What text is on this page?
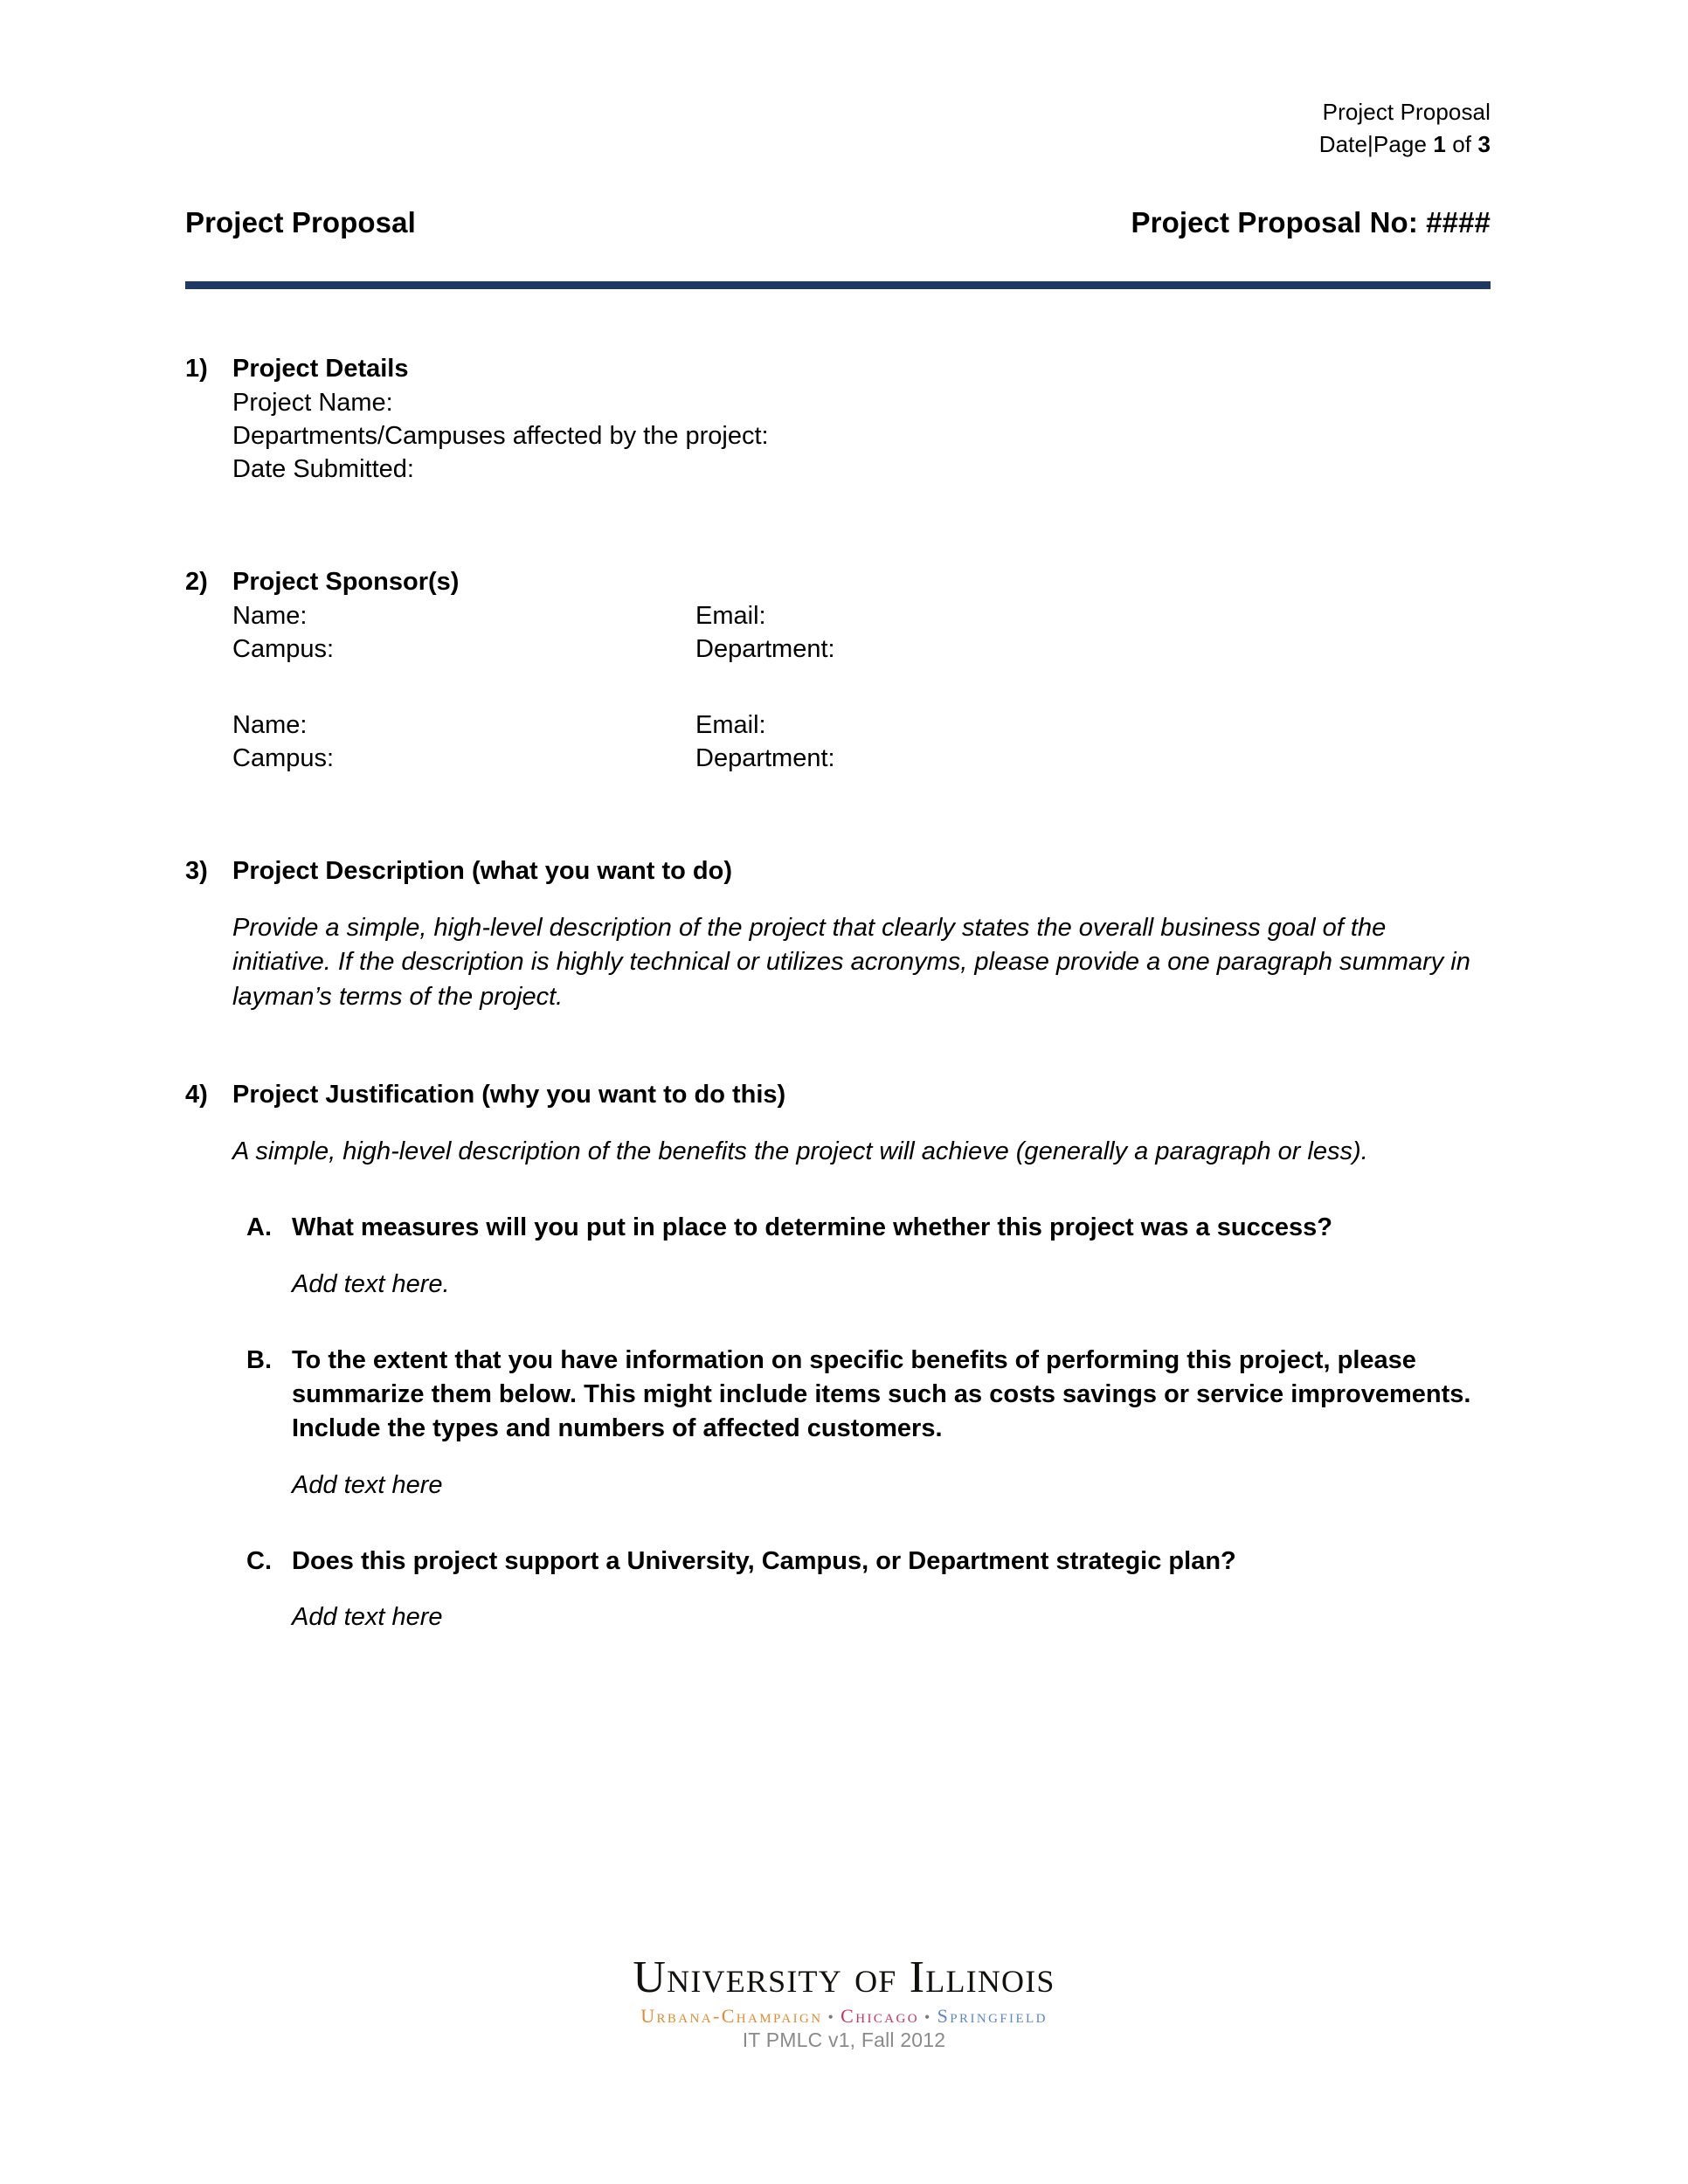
Project Proposal
Date|Page 1 of 3
Project Proposal	Project Proposal No: ####
1) Project Details
Project Name:
Departments/Campuses affected by the project:
Date Submitted:
2) Project Sponsor(s)
Name:	Email:
Campus:	Department:
Name:	Email:
Campus:	Department:
3) Project Description (what you want to do)
Provide a simple, high-level description of the project that clearly states the overall business goal of the initiative. If the description is highly technical or utilizes acronyms, please provide a one paragraph summary in layman’s terms of the project.
4) Project Justification (why you want to do this)
A simple, high-level description of the benefits the project will achieve (generally a paragraph or less).
A. What measures will you put in place to determine whether this project was a success?
Add text here.
B. To the extent that you have information on specific benefits of performing this project, please summarize them below. This might include items such as costs savings or service improvements. Include the types and numbers of affected customers.
Add text here
C. Does this project support a University, Campus, or Department strategic plan?
Add text here
University of Illinois
Urbana-Champaign • Chicago • Springfield
IT PMLC v1, Fall 2012
